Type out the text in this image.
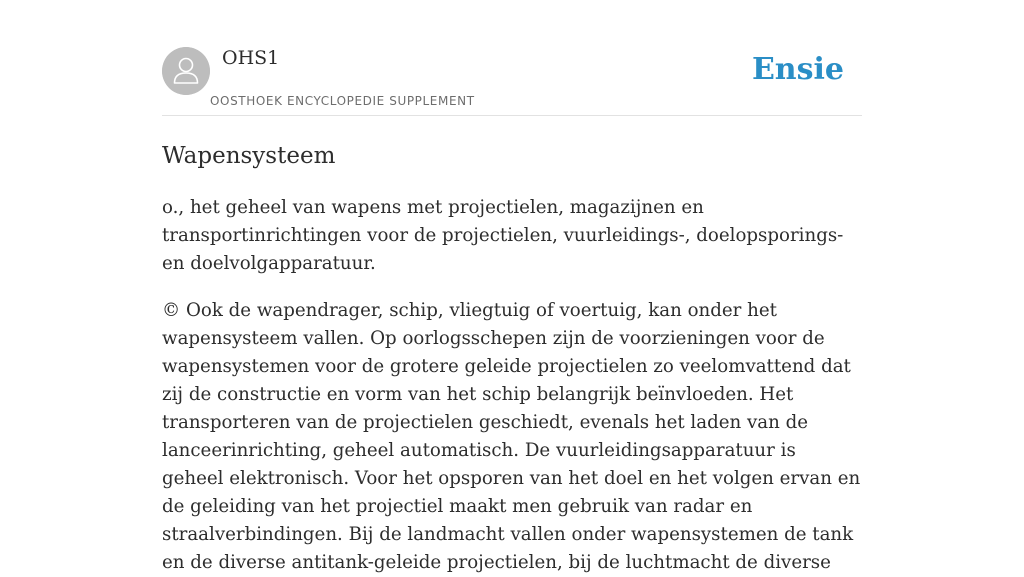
OHS1
OOSTHOEK ENCYCLOPEDIE SUPPLEMENT
Ensie
Wapensysteem

o., het geheel van wapens met projectielen, magazijnen en transportinrichtingen voor de projectielen, vuurleidings-, doelopsporings- en doelvolgapparatuur.

© Ook de wapendrager, schip, vliegtuig of voertuig, kan onder het wapensysteem vallen. Op oorlogsschepen zijn de voorzieningen voor de wapensystemen voor de grotere geleide projectielen zo veelomvattend dat zij de constructie en vorm van het schip belangrijk beïnvloeden. Het transporteren van de projectielen geschiedt, evenals het laden van de lanceerinrichting, geheel automatisch. De vuurleidingsapparatuur is geheel elektronisch. Voor het opsporen van het doel en het volgen ervan en de geleiding van het projectiel maakt men gebruik van radar en straalverbindingen. Bij de landmacht vallen onder wapensystemen de tank en de diverse antitank-geleide projectielen, bij de luchtmacht de diverse
